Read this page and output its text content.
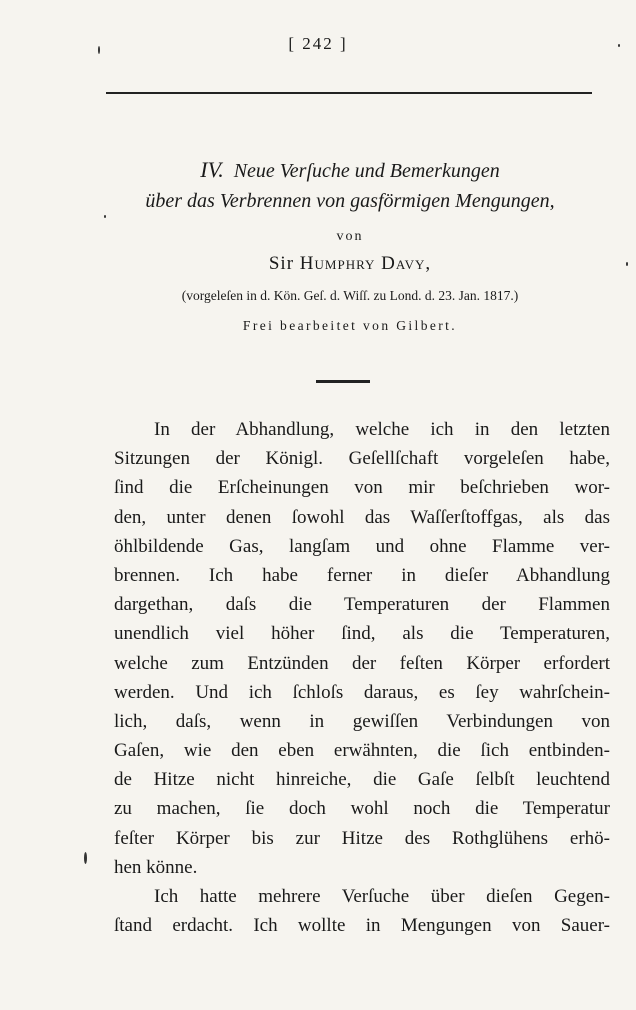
[ 242 ]

IV. Neue Verſuche und Bemerkungen

über das Verbrennen von gasförmigen Mengungen,

von
Sir Humphry Davy,
(vorgeleſen in d. Kön. Geſ. d. Wiſſ. zu Lond. d. 23. Jan. 1817.)
Frei bearbeitet von Gilbert.
In der Abhandlung, welche ich in den letzten
Sitzungen der Königl. Geſellſchaft vorgeleſen habe,
ſind die Erſcheinungen von mir beſchrieben wor-
den, unter denen ſowohl das Waſſerſtoffgas, als das
öhlbildende Gas, langſam und ohne Flamme ver-
brennen. Ich habe ferner in dieſer Abhandlung
dargethan, daſs die Temperaturen der Flammen
unendlich viel höher ſind, als die Temperaturen,
welche zum Entzünden der feſten Körper erfordert
werden. Und ich ſchloſs daraus, es ſey wahrſchein-
lich, daſs, wenn in gewiſſen Verbindungen von
Gaſen, wie den eben erwähnten, die ſich entbinden-
de Hitze nicht hinreiche, die Gaſe ſelbſt leuchtend
zu machen, ſie doch wohl noch die Temperatur
feſter Körper bis zur Hitze des Rothglühens erhö-
hen könne.
Ich hatte mehrere Verſuche über dieſen Gegen-
ſtand erdacht. Ich wollte in Mengungen von Sauer-
